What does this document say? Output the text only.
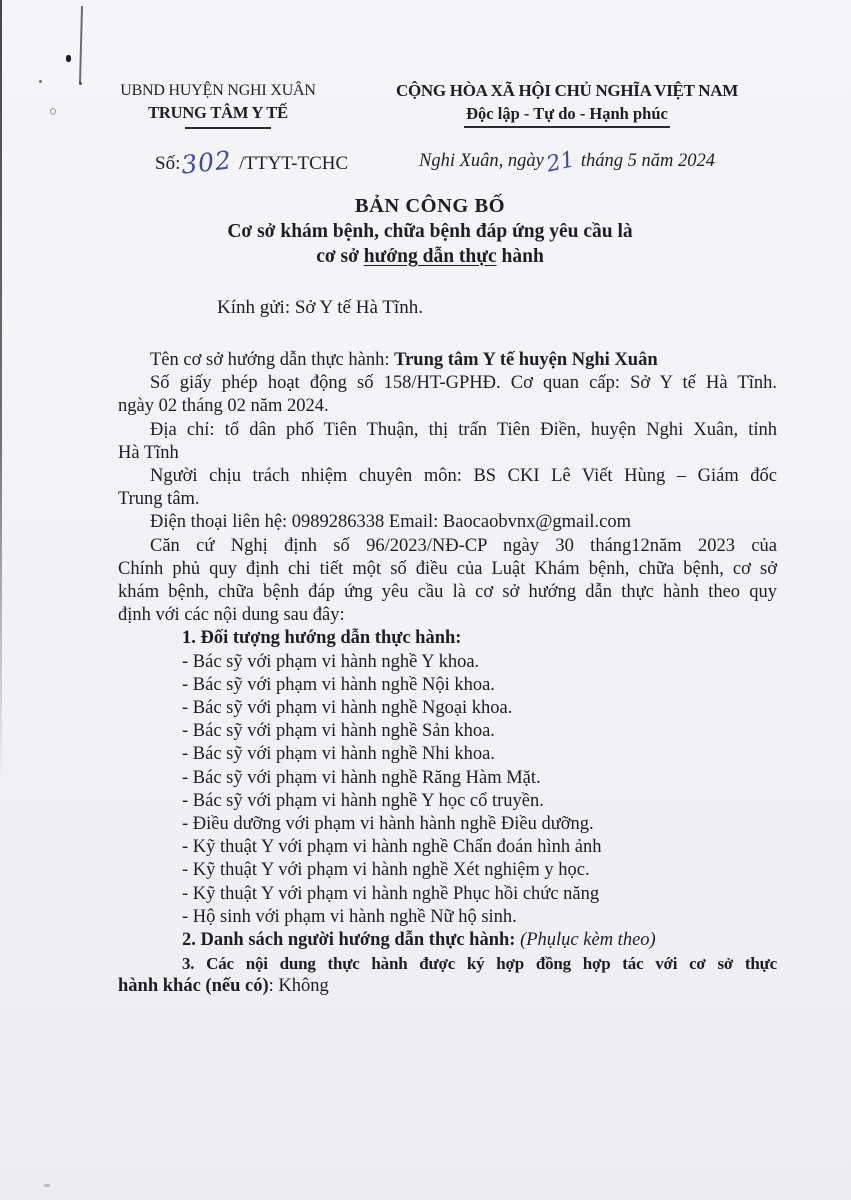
UBND HUYỆN NGHI XUÂN
TRUNG TÂM Y TẾ
CỘNG HÒA XÃ HỘI CHỦ NGHĨA VIỆT NAM
Độc lập - Tự do - Hạnh phúc
Số:302 /TTYT-TCHC	Nghi Xuân, ngày21 tháng 5 năm 2024
BẢN CÔNG BỐ
Cơ sở khám bệnh, chữa bệnh đáp ứng yêu cầu là
cơ sở hướng dẫn thực hành
Kính gửi: Sở Y tế Hà Tĩnh.
Tên cơ sở hướng dẫn thực hành: Trung tâm Y tế huyện Nghi Xuân
Số giấy phép hoạt động số 158/HT-GPHĐ. Cơ quan cấp: Sở Y tế Hà Tĩnh.
ngày 02 tháng 02 năm 2024.
Địa chỉ: tổ dân phố Tiên Thuận, thị trấn Tiên Điền, huyện Nghi Xuân, tỉnh
Hà Tĩnh
Người chịu trách nhiệm chuyên môn: BS CKI Lê Viết Hùng – Giám đốc
Trung tâm.
Điện thoại liên hệ: 0989286338 Email: Baocaobvnx@gmail.com
Căn cứ Nghị định số 96/2023/NĐ-CP ngày 30 tháng12năm 2023 của
Chính phủ quy định chi tiết một số điều của Luật Khám bệnh, chữa bệnh, cơ sở
khám bệnh, chữa bệnh đáp ứng yêu cầu là cơ sở hướng dẫn thực hành theo quy
định với các nội dung sau đây:
1. Đối tượng hướng dẫn thực hành:
- Bác sỹ với phạm vi hành nghề Y khoa.
- Bác sỹ với phạm vi hành nghề Nội khoa.
- Bác sỹ với phạm vi hành nghề Ngoại khoa.
- Bác sỹ với phạm vi hành nghề Sản khoa.
- Bác sỹ với phạm vi hành nghề Nhi khoa.
- Bác sỹ với phạm vi hành nghề Răng Hàm Mặt.
- Bác sỹ với phạm vi hành nghề Y học cổ truyền.
- Điều dưỡng với phạm vi hành hành nghề Điều dưỡng.
- Kỹ thuật Y với phạm vi hành nghề Chẩn đoán hình ảnh
- Kỹ thuật Y với phạm vi hành nghề Xét nghiệm y học.
- Kỹ thuật Y với phạm vi hành nghề Phục hồi chức năng
- Hộ sinh với phạm vi hành nghề Nữ hộ sinh.
2. Danh sách người hướng dẫn thực hành: (Phụlục kèm theo)
3. Các nội dung thực hành được ký hợp đồng hợp tác với cơ sở thực
hành khác (nếu có): Không
